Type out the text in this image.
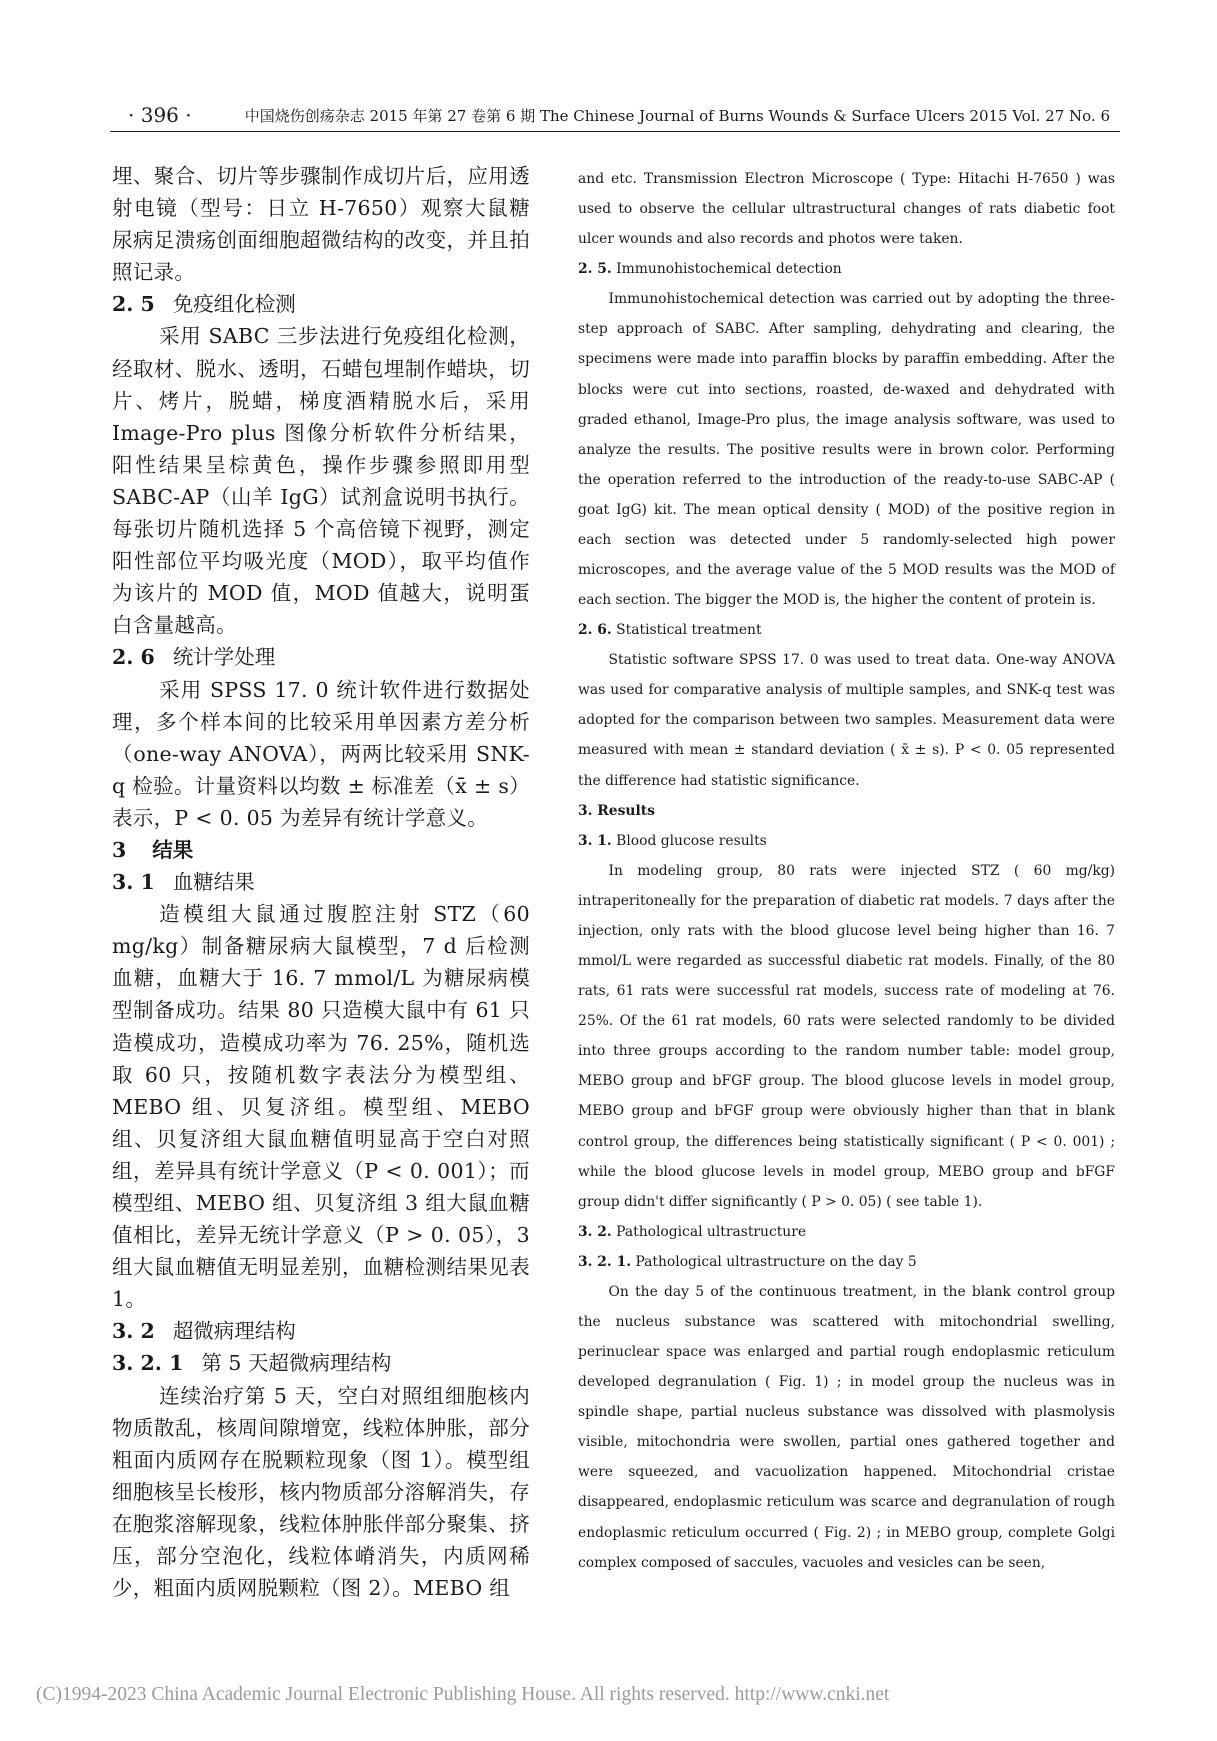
· 396 ·	中国烧伤创疡杂志 2015 年第 27 卷第 6 期 The Chinese Journal of Burns Wounds & Surface Ulcers 2015 Vol. 27 No. 6

埋、聚合、切片等步骤制作成切片后，应用透射电镜（型号：日立 H-7650）观察大鼠糖尿病足溃疡创面细胞超微结构的改变，并且拍照记录。

2. 5 免疫组化检测

采用 SABC 三步法进行免疫组化检测，经取材、脱水、透明，石蜡包埋制作蜡块，切片、烤片，脱蜡，梯度酒精脱水后，采用 Image-Pro plus 图像分析软件分析结果，阳性结果呈棕黄色，操作步骤参照即用型 SABC-AP（山羊 IgG）试剂盒说明书执行。每张切片随机选择 5 个高倍镜下视野，测定阳性部位平均吸光度（MOD），取平均值作为该片的 MOD 值，MOD 值越大，说明蛋白含量越高。

2. 6 统计学处理

采用 SPSS 17. 0 统计软件进行数据处理，多个样本间的比较采用单因素方差分析（one-way ANOVA），两两比较采用 SNK-q 检验。计量资料以均数 ± 标准差（x̄ ± s）表示，P < 0. 05 为差异有统计学意义。

3 结果
3. 1 血糖结果

造模组大鼠通过腹腔注射 STZ（60 mg/kg）制备糖尿病大鼠模型，7 d 后检测血糖，血糖大于 16. 7 mmol/L 为糖尿病模型制备成功。结果 80 只造模大鼠中有 61 只造模成功，造模成功率为 76. 25%，随机选取 60 只，按随机数字表法分为模型组、MEBO 组、贝复济组。模型组、MEBO 组、贝复济组大鼠血糖值明显高于空白对照组，差异具有统计学意义（P < 0. 001）；而模型组、MEBO 组、贝复济组 3 组大鼠血糖值相比，差异无统计学意义（P > 0. 05），3 组大鼠血糖值无明显差别，血糖检测结果见表 1。

3. 2 超微病理结构
3. 2. 1 第 5 天超微病理结构

连续治疗第 5 天，空白对照组细胞核内物质散乱，核周间隙增宽，线粒体肿胀，部分粗面内质网存在脱颗粒现象（图 1）。模型组细胞核呈长梭形，核内物质部分溶解消失，存在胞浆溶解现象，线粒体肿胀伴部分聚集、挤压，部分空泡化，线粒体嵴消失，内质网稀少，粗面内质网脱颗粒（图 2）。MEBO 组

and etc. Transmission Electron Microscope ( Type: Hitachi H-7650 ) was used to observe the cellular ultrastructural changes of rats diabetic foot ulcer wounds and also records and photos were taken.

2. 5. Immunohistochemical detection

Immunohistochemical detection was carried out by adopting the three-step approach of SABC. After sampling, dehydrating and clearing, the specimens were made into paraffin blocks by paraffin embedding. After the blocks were cut into sections, roasted, de-waxed and dehydrated with graded ethanol, Image-Pro plus, the image analysis software, was used to analyze the results. The positive results were in brown color. Performing the operation referred to the introduction of the ready-to-use SABC-AP ( goat IgG) kit. The mean optical density ( MOD) of the positive region in each section was detected under 5 randomly-selected high power microscopes, and the average value of the 5 MOD results was the MOD of each section. The bigger the MOD is, the higher the content of protein is.

2. 6. Statistical treatment

Statistic software SPSS 17. 0 was used to treat data. One-way ANOVA was used for comparative analysis of multiple samples, and SNK-q test was adopted for the comparison between two samples. Measurement data were measured with mean ± standard deviation ( x̄ ± s). P < 0. 05 represented the difference had statistic significance.

3. Results
3. 1. Blood glucose results

In modeling group, 80 rats were injected STZ ( 60 mg/kg) intraperitoneally for the preparation of diabetic rat models. 7 days after the injection, only rats with the blood glucose level being higher than 16. 7 mmol/L were regarded as successful diabetic rat models. Finally, of the 80 rats, 61 rats were successful rat models, success rate of modeling at 76. 25%. Of the 61 rat models, 60 rats were selected randomly to be divided into three groups according to the random number table: model group, MEBO group and bFGF group. The blood glucose levels in model group, MEBO group and bFGF group were obviously higher than that in blank control group, the differences being statistically significant ( P < 0. 001) ; while the blood glucose levels in model group, MEBO group and bFGF group didn't differ significantly ( P > 0. 05) ( see table 1).

3. 2. Pathological ultrastructure
3. 2. 1. Pathological ultrastructure on the day 5

On the day 5 of the continuous treatment, in the blank control group the nucleus substance was scattered with mitochondrial swelling, perinuclear space was enlarged and partial rough endoplasmic reticulum developed degranulation ( Fig. 1) ; in model group the nucleus was in spindle shape, partial nucleus substance was dissolved with plasmolysis visible, mitochondria were swollen, partial ones gathered together and were squeezed, and vacuolization happened. Mitochondrial cristae disappeared, endoplasmic reticulum was scarce and degranulation of rough endoplasmic reticulum occurred ( Fig. 2) ; in MEBO group, complete Golgi complex composed of saccules, vacuoles and vesicles can be seen,

(C)1994-2023 China Academic Journal Electronic Publishing House. All rights reserved. http://www.cnki.net
